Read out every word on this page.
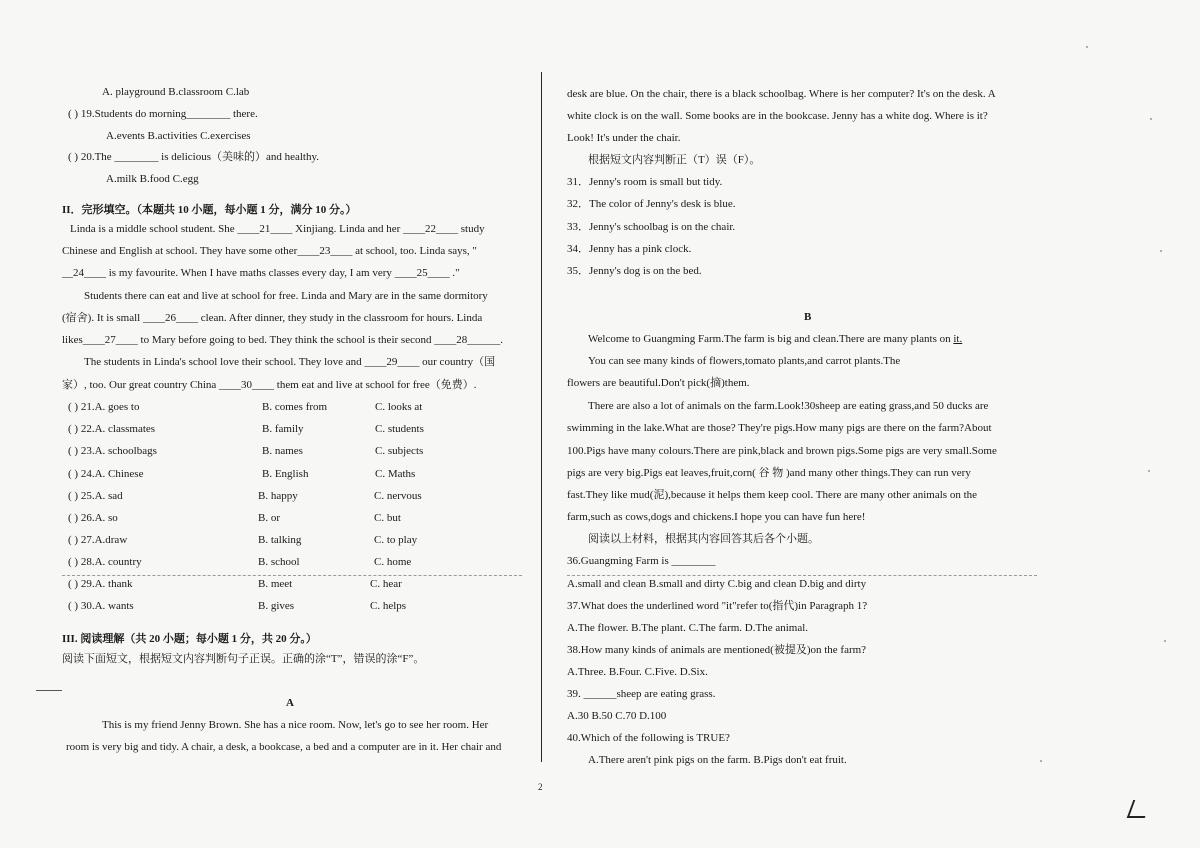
A. playground B.classroom C.lab
( ) 19.Students do morning________ there.
A.events B.activities C.exercises
( ) 20.The ________ is delicious（美味的）and healthy.
A.milk B.food C.egg
II．完形填空。（本题共 10 小题，每小题 1 分，满分 10 分。）
Linda is a middle school student. She ____21____ Xinjiang. Linda and her ____22____ study
Chinese and English at school. They have some other____23____ at school, too. Linda says, "
__24____ is my favourite. When I have maths classes every day, I am very ____25____ ."
Students there can eat and live at school for free. Linda and Mary are in the same dormitory
(宿舍). It is small ____26____ clean. After dinner, they study in the classroom for hours. Linda
likes____27____ to Mary before going to bed. They think the school is their second ____28______.
The students in Linda's school love their school. They love and ____29____ our country（国
家）, too. Our great country China ____30____ them eat and live at school for free（免费）.
( ) 21.A. goes to	B. comes from	C. looks at
( ) 22.A. classmates	B. family	C. students
( ) 23.A. schoolbags	B. names	C. subjects
( ) 24.A. Chinese	B. English	C. Maths
( ) 25.A. sad	B. happy	C. nervous
( ) 26.A. so	B. or	C. but
( ) 27.A.draw	B. talking	C. to play
( ) 28.A. country	B. school	C. home
( ) 29.A. thank	B. meet	C. hear
( ) 30.A. wants	B. gives	C. helps
III. 阅读理解（共 20 小题；每小题 1 分，共 20 分。）
阅读下面短文，根据短文内容判断句子正误。正确的涂“T”，错误的涂“F”。
A
This is my friend Jenny Brown. She has a nice room. Now, let's go to see her room. Her
room is very big and tidy. A chair, a desk, a bookcase, a bed and a computer are in it. Her chair and
desk are blue. On the chair, there is a black schoolbag. Where is her computer? It's on the desk. A
white clock is on the wall. Some books are in the bookcase. Jenny has a white dog. Where is it?
Look! It's under the chair.
根据短文内容判断正（T）误（F）。
31．Jenny's room is small but tidy.
32．The color of Jenny's desk is blue.
33．Jenny's schoolbag is on the chair.
34．Jenny has a pink clock.
35．Jenny's dog is on the bed.
B
Welcome to Guangming Farm.The farm is big and clean.There are many plants on it.
You can see many kinds of flowers,tomato plants,and carrot plants.The
flowers are beautiful.Don't pick(摘)them.
There are also a lot of animals on the farm.Look!30sheep are eating grass,and 50 ducks are
swimming in the lake.What are those? They're pigs.How many pigs are there on the farm?About
100.Pigs have many colours.There are pink,black and brown pigs.Some pigs are very small.Some
pigs are very big.Pigs eat leaves,fruit,corn( 谷 物 )and many other things.They can run very
fast.They like mud(泥),because it helps them keep cool. There are many other animals on the
farm,such as cows,dogs and chickens.I hope you can have fun here!
阅读以上材料，根据其内容回答其后各个小题。
36.Guangming Farm is ________
A.small and clean B.small and dirty C.big and clean D.big and dirty
37.What does the underlined word "it"refer to(指代)in Paragraph 1?
A.The flower. B.The plant. C.The farm. D.The animal.
38.How many kinds of animals are mentioned(被提及)on the farm?
A.Three. B.Four. C.Five. D.Six.
39. ______sheep are eating grass.
A.30 B.50 C.70 D.100
40.Which of the following is TRUE?
A.There aren't pink pigs on the farm. B.Pigs don't eat fruit.
2
